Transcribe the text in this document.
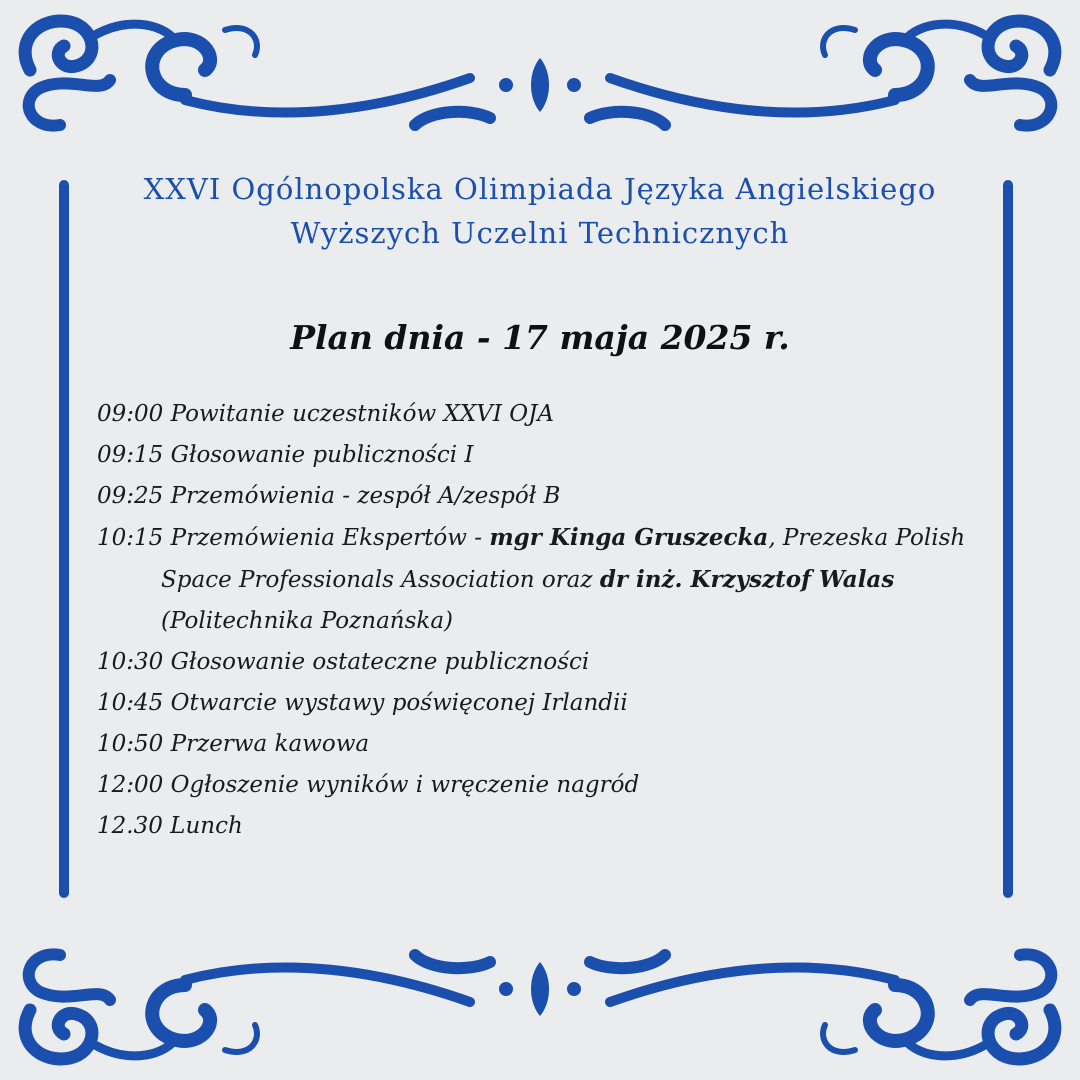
XXVI Ogólnopolska Olimpiada Języka Angielskiego
Wyższych Uczelni Technicznych
Plan dnia - 17 maja 2025 r.
09:00 Powitanie uczestników XXVI OJA
09:15 Głosowanie publiczności I
09:25 Przemówienia - zespół A/zespół B
10:15 Przemówienia Ekspertów - mgr Kinga Gruszecka, Prezeska Polish
Space Professionals Association oraz dr inż. Krzysztof Walas
(Politechnika Poznańska)
10:30 Głosowanie ostateczne publiczności
10:45 Otwarcie wystawy poświęconej Irlandii
10:50 Przerwa kawowa
12:00 Ogłoszenie wyników i wręczenie nagród
12.30 Lunch
